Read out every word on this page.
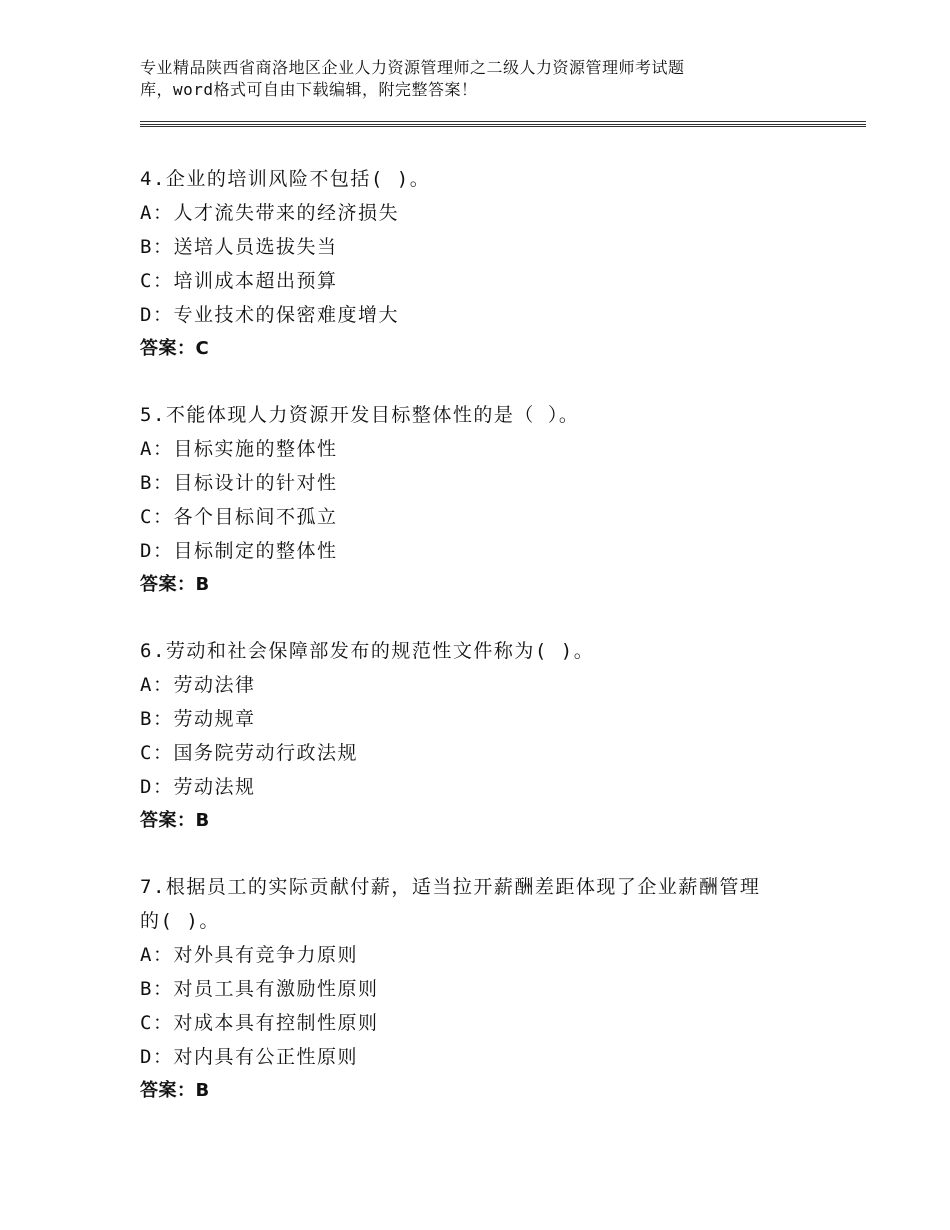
专业精品陕西省商洛地区企业人力资源管理师之二级人力资源管理师考试题
库，word格式可自由下载编辑，附完整答案！
4.企业的培训风险不包括( )。
A：人才流失带来的经济损失
B：送培人员选拔失当
C：培训成本超出预算
D：专业技术的保密难度增大
答案：C
5.不能体现人力资源开发目标整体性的是（ ）。
A：目标实施的整体性
B：目标设计的针对性
C：各个目标间不孤立
D：目标制定的整体性
答案：B
6.劳动和社会保障部发布的规范性文件称为( )。
A：劳动法律
B：劳动规章
C：国务院劳动行政法规
D：劳动法规
答案：B
7.根据员工的实际贡献付薪，适当拉开薪酬差距体现了企业薪酬管理
的( )。
A：对外具有竞争力原则
B：对员工具有激励性原则
C：对成本具有控制性原则
D：对内具有公正性原则
答案：B
